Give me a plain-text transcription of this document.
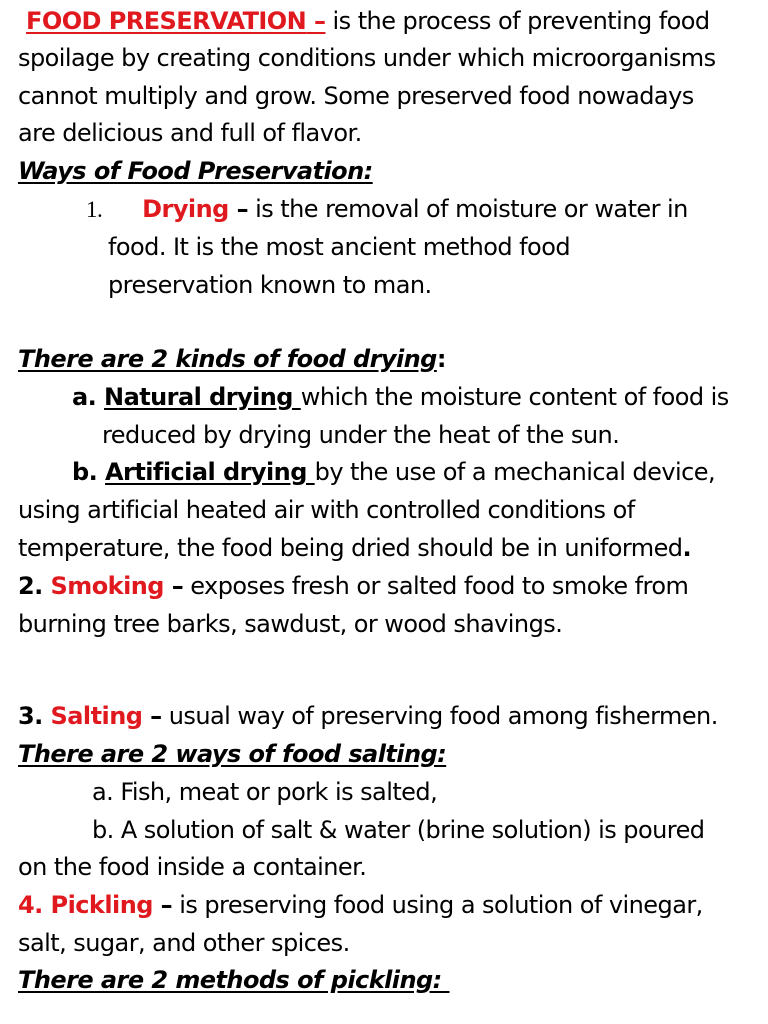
FOOD PRESERVATION – is the process of preventing food
spoilage by creating conditions under which microorganisms
cannot multiply and grow. Some preserved food nowadays
are delicious and full of flavor.
Ways of Food Preservation:
1. Drying – is the removal of moisture or water in
food. It is the most ancient method food
preservation known to man.
There are 2 kinds of food drying:
a. Natural drying which the moisture content of food is
reduced by drying under the heat of the sun.
b. Artificial drying by the use of a mechanical device,
using artificial heated air with controlled conditions of
temperature, the food being dried should be in uniformed.
2. Smoking – exposes fresh or salted food to smoke from
burning tree barks, sawdust, or wood shavings.
3. Salting – usual way of preserving food among fishermen.
There are 2 ways of food salting:
a. Fish, meat or pork is salted,
b. A solution of salt & water (brine solution) is poured
on the food inside a container.
4. Pickling – is preserving food using a solution of vinegar,
salt, sugar, and other spices.
There are 2 methods of pickling:
